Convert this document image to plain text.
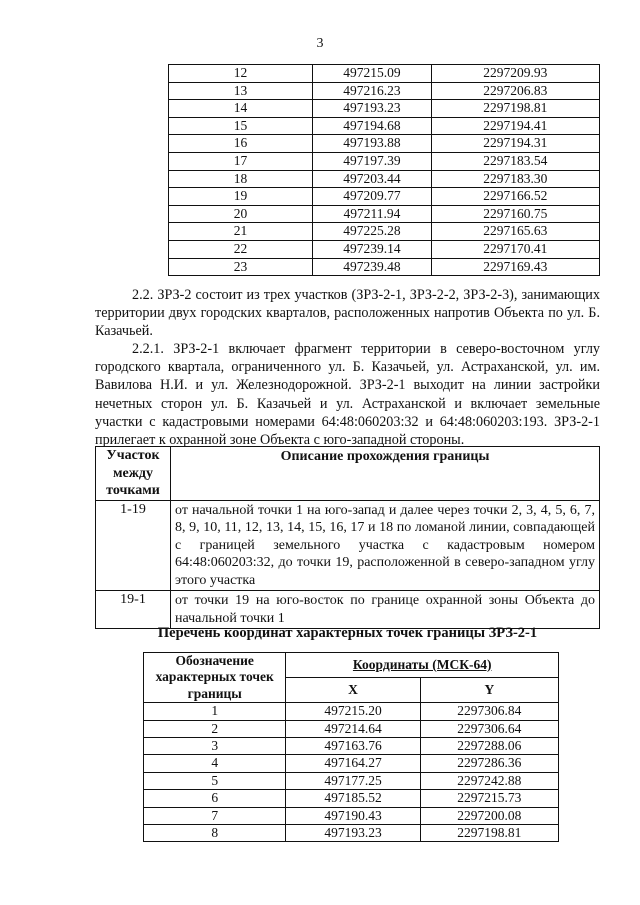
3
12	497215.09	2297209.93
13	497216.23	2297206.83
14	497193.23	2297198.81
15	497194.68	2297194.41
16	497193.88	2297194.31
17	497197.39	2297183.54
18	497203.44	2297183.30
19	497209.77	2297166.52
20	497211.94	2297160.75
21	497225.28	2297165.63
22	497239.14	2297170.41
23	497239.48	2297169.43
2.2. ЗРЗ-2 состоит из трех участков (ЗРЗ-2-1, ЗРЗ-2-2, ЗРЗ-2-3), занимающих территории двух городских кварталов, расположенных напротив Объекта по ул. Б. Казачьей.
2.2.1. ЗРЗ-2-1 включает фрагмент территории в северо-восточном углу городского квартала, ограниченного ул. Б. Казачьей, ул. Астраханской, ул. им. Вавилова Н.И. и ул. Железнодорожной. ЗРЗ-2-1 выходит на линии застройки нечетных сторон ул. Б. Казачьей и ул. Астраханской и включает земельные участки с кадастровыми номерами 64:48:060203:32 и 64:48:060203:193. ЗРЗ-2-1 прилегает к охранной зоне Объекта с юго-западной стороны.
Участок между точками	Описание прохождения границы
1-19	от начальной точки 1 на юго-запад и далее через точки 2, 3, 4, 5, 6, 7, 8, 9, 10, 11, 12, 13, 14, 15, 16, 17 и 18 по ломаной линии, совпадающей с границей земельного участка с кадастровым номером 64:48:060203:32, до точки 19, расположенной в северо-западном углу этого участка
19-1	от точки 19 на юго-восток по границе охранной зоны Объекта до начальной точки 1
Перечень координат характерных точек границы ЗРЗ-2-1
Обозначение характерных точек границы	Координаты (МСК-64)	
	X	Y
1	497215.20	2297306.84
2	497214.64	2297306.64
3	497163.76	2297288.06
4	497164.27	2297286.36
5	497177.25	2297242.88
6	497185.52	2297215.73
7	497190.43	2297200.08
8	497193.23	2297198.81
